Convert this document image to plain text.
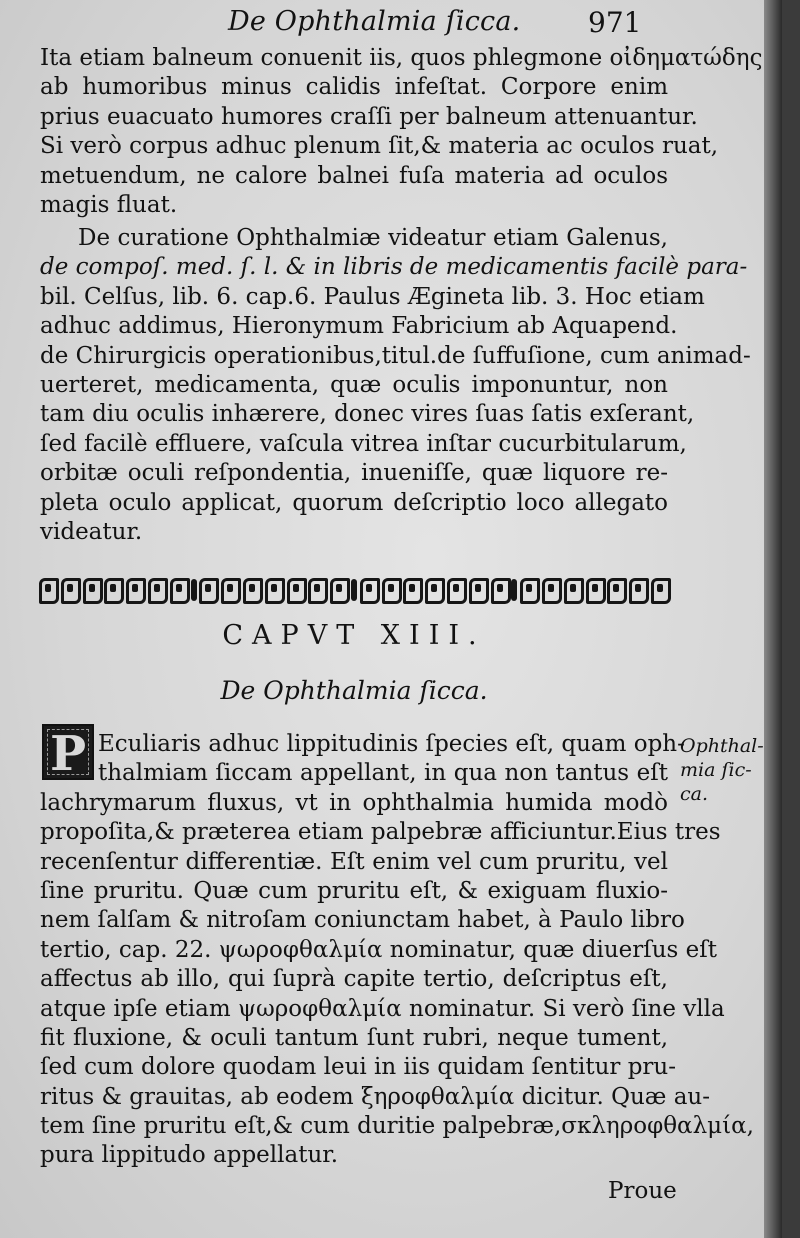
De Ophthalmia ſicca. 971
Ita etiam balneum conuenit iis, quos phlegmone οἰδηματώδης
ab humoribus minus calidis infeſtat. Corpore enim
prius euacuato humores craſſi per balneum attenuantur.
Si verò corpus adhuc plenum ſit,& materia ac oculos ruat,
metuendum, ne calore balnei fuſa materia ad oculos
magis fluat.
De curatione Ophthalmiæ videatur etiam Galenus,
de compoſ. med. ſ. l. & in libris de medicamentis facilè para-
bil. Celſus, lib. 6. cap.6. Paulus Ægineta lib. 3. Hoc etiam
adhuc addimus, Hieronymum Fabricium ab Aquapend.
de Chirurgicis operationibus,titul.de ſuffuſione, cum animad-
uerteret, medicamenta, quæ oculis imponuntur, non
tam diu oculis inhærere, donec vires ſuas ſatis exſerant,
ſed facilè effluere, vaſcula vitrea inſtar cucurbitularum,
orbitæ oculi reſpondentia, inueniſſe, quæ liquore re-
pleta oculo applicat, quorum deſcriptio loco allegato
videatur.
CAPVT XIII.
De Ophthalmia ſicca.
P Eculiaris adhuc lippitudinis ſpecies eſt, quam oph-
thalmiam ſiccam appellant, in qua non tantus eſt
lachrymarum fluxus, vt in ophthalmia humida modò
propoſita,& præterea etiam palpebræ afficiuntur.Eius tres
recenſentur differentiæ. Eſt enim vel cum pruritu, vel
ſine pruritu. Quæ cum pruritu eſt, & exiguam fluxio-
nem ſalſam & nitroſam coniunctam habet, à Paulo libro
tertio, cap. 22. ψωροφθαλμία nominatur, quæ diuerſus eſt
affectus ab illo, qui ſuprà capite tertio, deſcriptus eſt,
atque ipſe etiam ψωροφθαλμία nominatur. Si verò ſine vlla
fit fluxione, & oculi tantum ſunt rubri, neque tument,
ſed cum dolore quodam leui in iis quidam ſentitur pru-
ritus & grauitas, ab eodem ξηροφθαλμία dicitur. Quæ au-
tem ſine pruritu eſt,& cum duritie palpebræ,σκληροφθαλμία,
pura lippitudo appellatur.
Ophthal-
mia ſic-
ca.
Proue
